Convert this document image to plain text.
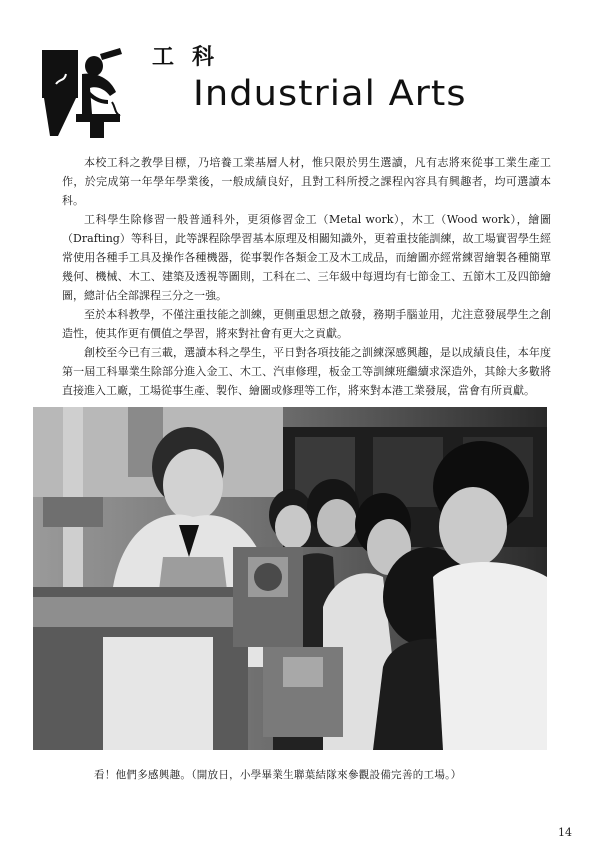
工科
Industrial Arts

本校工科之教學目標，乃培養工業基層人材，惟只限於男生選讀，凡有志將來從事工業生產工作，於完成第一年學年學業後，一般成績良好，且對工科所授之課程內容具有興趣者，均可選讀本科。

工科學生除修習一般普通科外，更須修習金工（Metal work），木工（Wood work），繪圖（Drafting）等科目，此等課程除學習基本原理及相關知識外，更着重技能訓練，故工場實習學生經常使用各種手工具及操作各種機器，從事製作各類金工及木工成品，而繪圖亦經常練習繪製各種簡單幾何、機械、木工、建築及透視等圖則，工科在二、三年級中每週均有七節金工、五節木工及四節繪圖，總計佔全部課程三分之一強。

至於本科教學，不僅注重技能之訓練，更側重思想之啟發，務期手腦並用，尤注意發展學生之創造性，使其作更有價值之學習，將來對社會有更大之貢獻。

創校至今已有三載，選讀本科之學生，平日對各項技能之訓練深感興趣，是以成績良佳，本年度第一屆工科畢業生除部分進入金工、木工、汽車修理，板金工等訓練班繼續求深造外，其餘大多數將直接進入工廠，工場從事生產、製作、繪圖或修理等工作，將來對本港工業發展，當會有所貢獻。

看！他們多感興趣。（開放日，小學畢業生聯葉結隊來參觀設備完善的工場。）
14
